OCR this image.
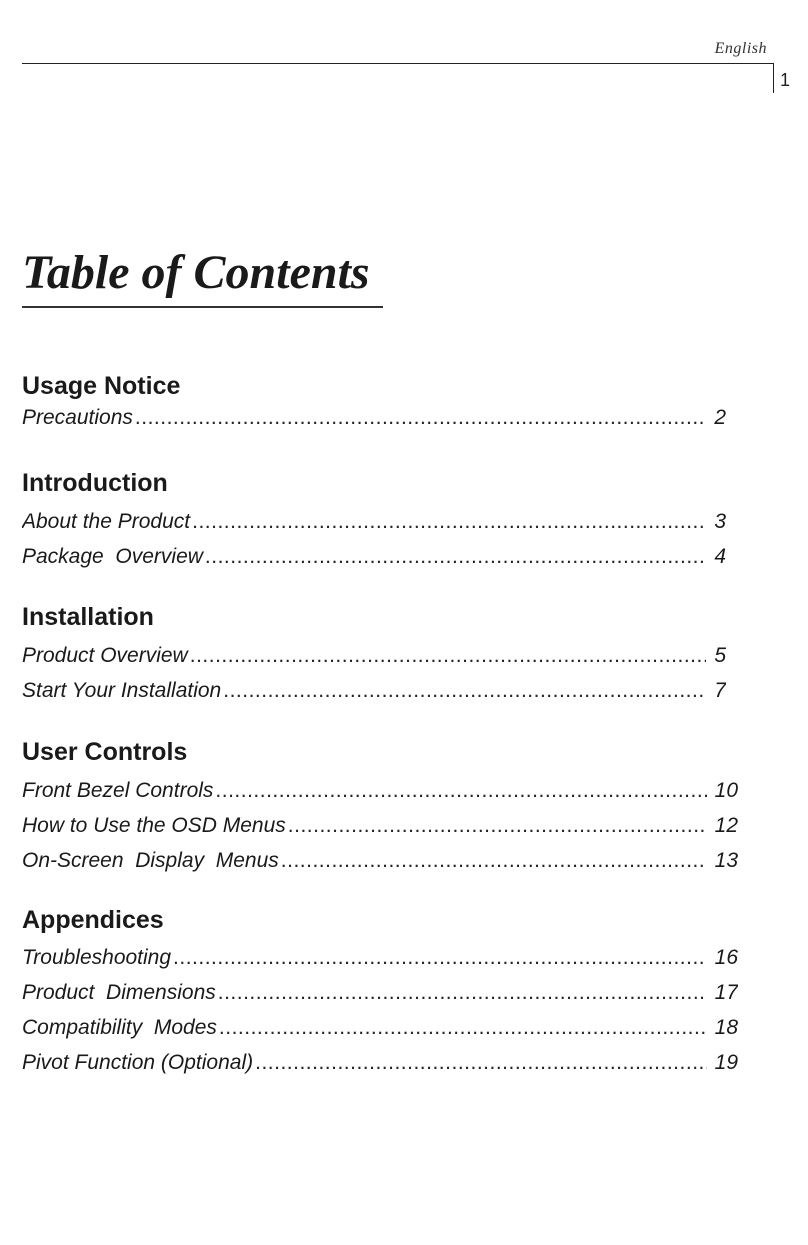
English
1
Table of Contents
Usage Notice
Precautions .....	2
Introduction
About the Product .....	3
Package  Overview .....	4
Installation
Product Overview .....	5
Start Your Installation .....	7
User Controls
Front Bezel Controls .....	10
How to Use the OSD Menus .....	12
On-Screen  Display  Menus .....	13
Appendices
Troubleshooting .....	16
Product  Dimensions .....	17
Compatibility  Modes .....	18
Pivot Function (Optional) .....	19
